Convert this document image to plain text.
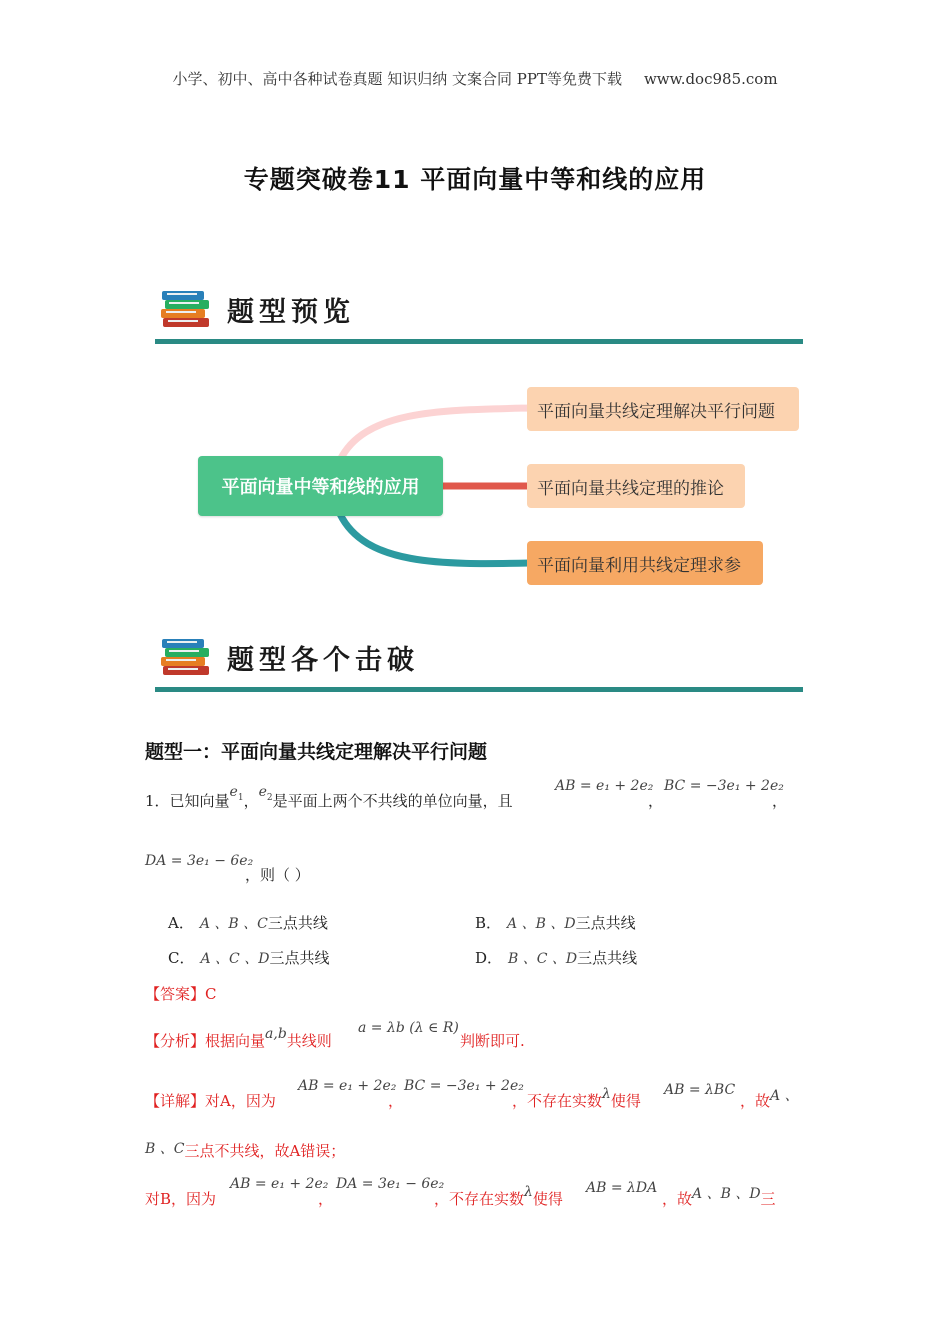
小学、初中、高中各种试卷真题 知识归纳 文案合同 PPT等免费下载 www.doc985.com
专题突破卷11 平面向量中等和线的应用
题型预览
平面向量中等和线的应用
平面向量共线定理解决平行问题
平面向量共线定理的推论
平面向量利用共线定理求参
题型各个击破
题型一：平面向量共线定理解决平行问题
1．已知向量$e_1$，$e_2$是平面上两个不共线的单位向量，且
AB = e₁ + 2e₂
，
BC = −3e₁ + 2e₂
，
DA = 3e₁ − 6e₂
，则（ ）
A． A 、B 、C三点共线	B． A 、B 、D三点共线
C． A 、C 、D三点共线	D． B 、C 、D三点共线
【答案】C
【分析】根据向量a,b共线则
a = λb (λ ∈ R)
判断即可.
【详解】对A，因为
AB = e₁ + 2e₂
，
BC = −3e₁ + 2e₂
，不存在实数λ使得
AB = λBC
，故A 、
B 、C三点不共线，故A错误；
对B，因为
AB = e₁ + 2e₂
，
DA = 3e₁ − 6e₂
，不存在实数λ使得
AB = λDA
，故A 、B 、D三
